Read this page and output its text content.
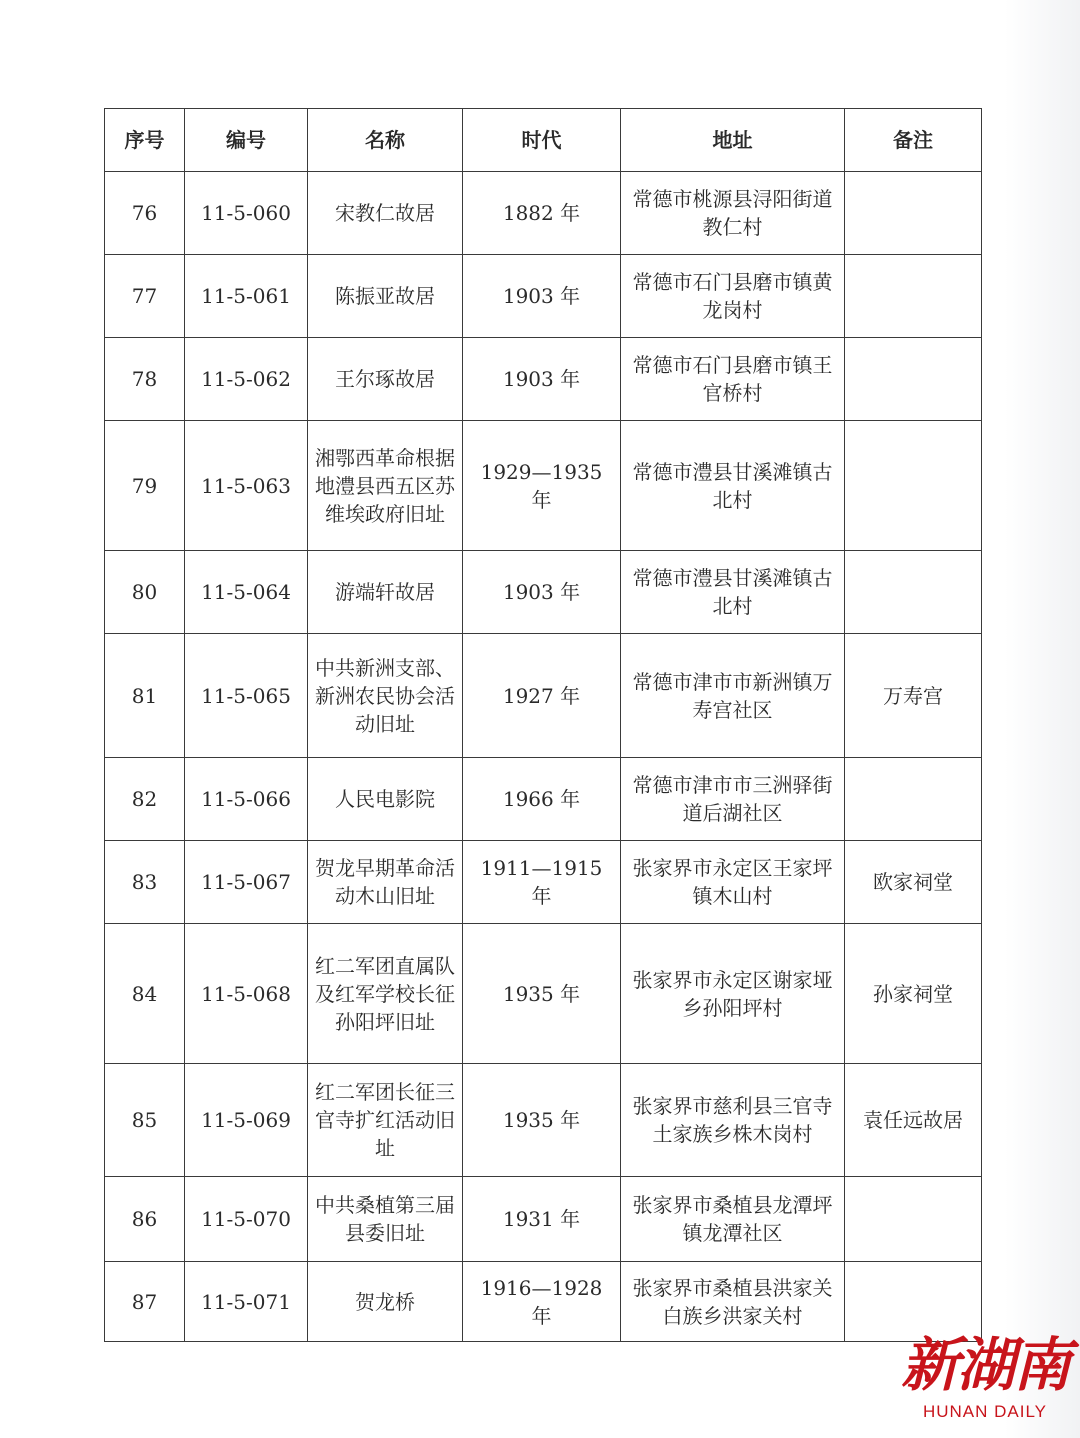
序号	编号	名称	时代	地址	备注
76	11-5-060	宋教仁故居	1882 年	常德市桃源县浔阳街道教仁村	
77	11-5-061	陈振亚故居	1903 年	常德市石门县磨市镇黄龙岗村	
78	11-5-062	王尔琢故居	1903 年	常德市石门县磨市镇王官桥村	
79	11-5-063	湘鄂西革命根据地澧县西五区苏维埃政府旧址	1929—1935 年	常德市澧县甘溪滩镇古北村	
80	11-5-064	游端轩故居	1903 年	常德市澧县甘溪滩镇古北村	
81	11-5-065	中共新洲支部、新洲农民协会活动旧址	1927 年	常德市津市市新洲镇万寿宫社区	万寿宫
82	11-5-066	人民电影院	1966 年	常德市津市市三洲驿街道后湖社区	
83	11-5-067	贺龙早期革命活动木山旧址	1911—1915 年	张家界市永定区王家坪镇木山村	欧家祠堂
84	11-5-068	红二军团直属队及红军学校长征孙阳坪旧址	1935 年	张家界市永定区谢家垭乡孙阳坪村	孙家祠堂
85	11-5-069	红二军团长征三官寺扩红活动旧址	1935 年	张家界市慈利县三官寺土家族乡株木岗村	袁任远故居
86	11-5-070	中共桑植第三届县委旧址	1931 年	张家界市桑植县龙潭坪镇龙潭社区	
87	11-5-071	贺龙桥	1916—1928 年	张家界市桑植县洪家关白族乡洪家关村	
新湖南
HUNAN DAILY
